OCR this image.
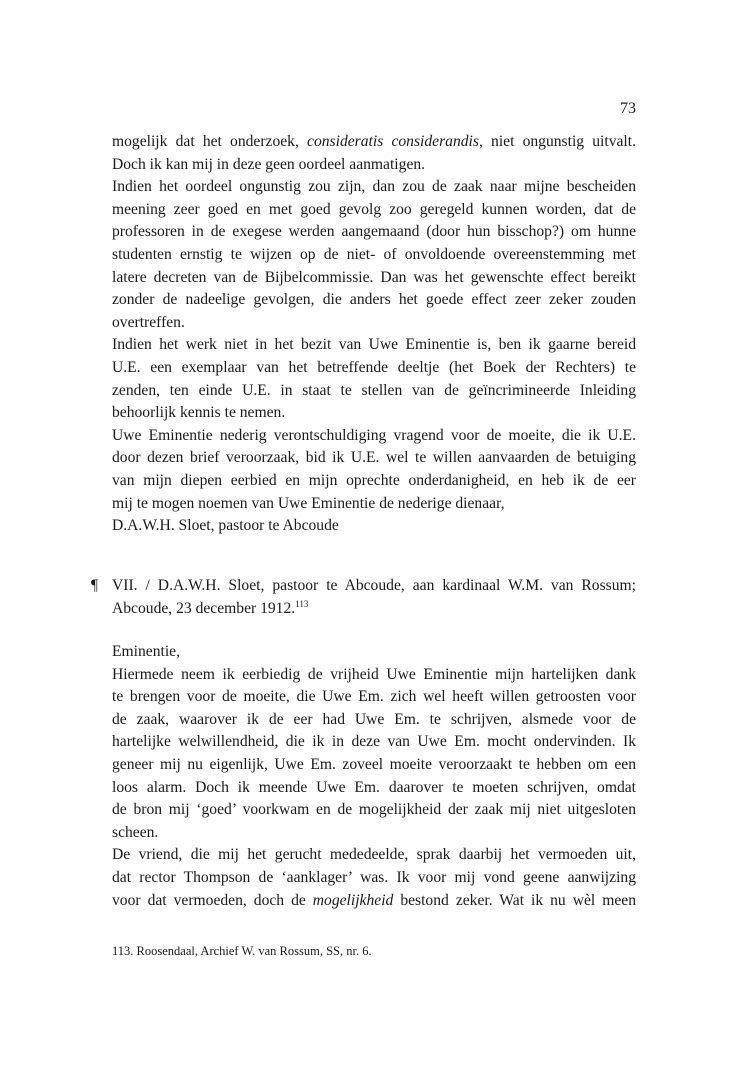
73
mogelijk dat het onderzoek, consideratis considerandis, niet ongunstig uitvalt.
Doch ik kan mij in deze geen oordeel aanmatigen.
Indien het oordeel ongunstig zou zijn, dan zou de zaak naar mijne bescheiden
meening zeer goed en met goed gevolg zoo geregeld kunnen worden, dat de
professoren in de exegese werden aangemaand (door hun bisschop?) om hunne
studenten ernstig te wijzen op de niet- of onvoldoende overeenstemming met
latere decreten van de Bijbelcommissie. Dan was het gewenschte effect bereikt
zonder de nadeelige gevolgen, die anders het goede effect zeer zeker zouden
overtreffen.
Indien het werk niet in het bezit van Uwe Eminentie is, ben ik gaarne bereid
U.E. een exemplaar van het betreffende deeltje (het Boek der Rechters) te
zenden, ten einde U.E. in staat te stellen van de geïncrimineerde Inleiding
behoorlijk kennis te nemen.
Uwe Eminentie nederig verontschuldiging vragend voor de moeite, die ik U.E.
door dezen brief veroorzaak, bid ik U.E. wel te willen aanvaarden de betuiging
van mijn diepen eerbied en mijn oprechte onderdanigheid, en heb ik de eer
mij te mogen noemen van Uwe Eminentie de nederige dienaar,
D.A.W.H. Sloet, pastoor te Abcoude
¶ VII. / D.A.W.H. Sloet, pastoor te Abcoude, aan kardinaal W.M. van Rossum;
Abcoude, 23 december 1912.$^{113}$
Eminentie,
Hiermede neem ik eerbiedig de vrijheid Uwe Eminentie mijn hartelijken dank
te brengen voor de moeite, die Uwe Em. zich wel heeft willen getroosten voor
de zaak, waarover ik de eer had Uwe Em. te schrijven, alsmede voor de
hartelijke welwillendheid, die ik in deze van Uwe Em. mocht ondervinden. Ik
geneer mij nu eigenlijk, Uwe Em. zoveel moeite veroorzaakt te hebben om een
loos alarm. Doch ik meende Uwe Em. daarover te moeten schrijven, omdat
de bron mij ‘goed’ voorkwam en de mogelijkheid der zaak mij niet uitgesloten
scheen.
De vriend, die mij het gerucht mededeelde, sprak daarbij het vermoeden uit,
dat rector Thompson de ‘aanklager’ was. Ik voor mij vond geene aanwijzing
voor dat vermoeden, doch de mogelijkheid bestond zeker. Wat ik nu wèl meen
113. Roosendaal, Archief W. van Rossum, SS, nr. 6.
